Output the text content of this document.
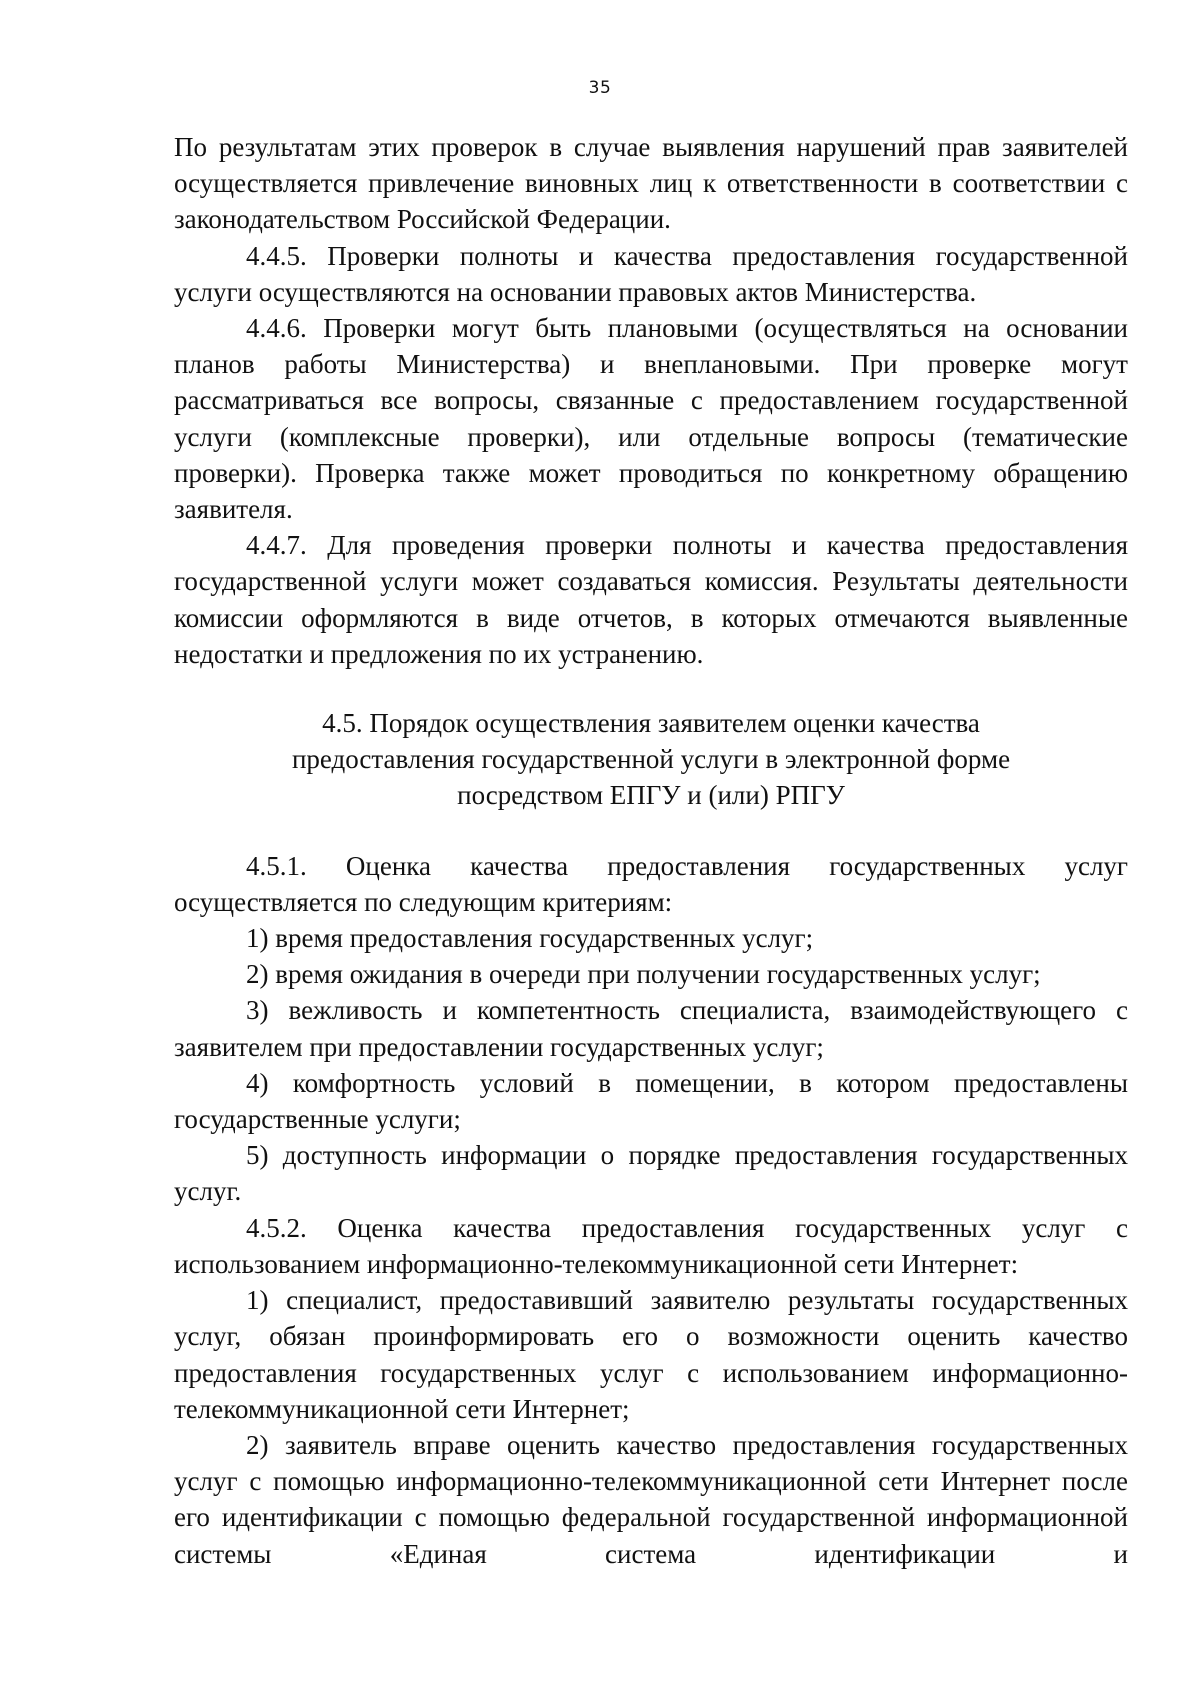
35

По результатам этих проверок в случае выявления нарушений прав заявителей осуществляется привлечение виновных лиц к ответственности в соответствии с законодательством Российской Федерации.

4.4.5. Проверки полноты и качества предоставления государственной услуги осуществляются на основании правовых актов Министерства.

4.4.6. Проверки могут быть плановыми (осуществляться на основании планов работы Министерства) и внеплановыми. При проверке могут рассматриваться все вопросы, связанные с предоставлением государственной услуги (комплексные проверки), или отдельные вопросы (тематические проверки). Проверка также может проводиться по конкретному обращению заявителя.

4.4.7. Для проведения проверки полноты и качества предоставления государственной услуги может создаваться комиссия. Результаты деятельности комиссии оформляются в виде отчетов, в которых отмечаются выявленные недостатки и предложения по их устранению.

4.5. Порядок осуществления заявителем оценки качества
предоставления государственной услуги в электронной форме
посредством ЕПГУ и (или) РПГУ

4.5.1. Оценка качества предоставления государственных услуг осуществляется по следующим критериям:

1) время предоставления государственных услуг;

2) время ожидания в очереди при получении государственных услуг;

3) вежливость и компетентность специалиста, взаимодействующего с заявителем при предоставлении государственных услуг;

4) комфортность условий в помещении, в котором предоставлены государственные услуги;

5) доступность информации о порядке предоставления государственных услуг.

4.5.2. Оценка качества предоставления государственных услуг с использованием информационно-телекоммуникационной сети Интернет:

1) специалист, предоставивший заявителю результаты государственных услуг, обязан проинформировать его о возможности оценить качество предоставления государственных услуг с использованием информационно-телекоммуникационной сети Интернет;

2) заявитель вправе оценить качество предоставления государственных услуг с помощью информационно-телекоммуникационной сети Интернет после его идентификации с помощью федеральной государственной информационной системы «Единая система идентификации и
